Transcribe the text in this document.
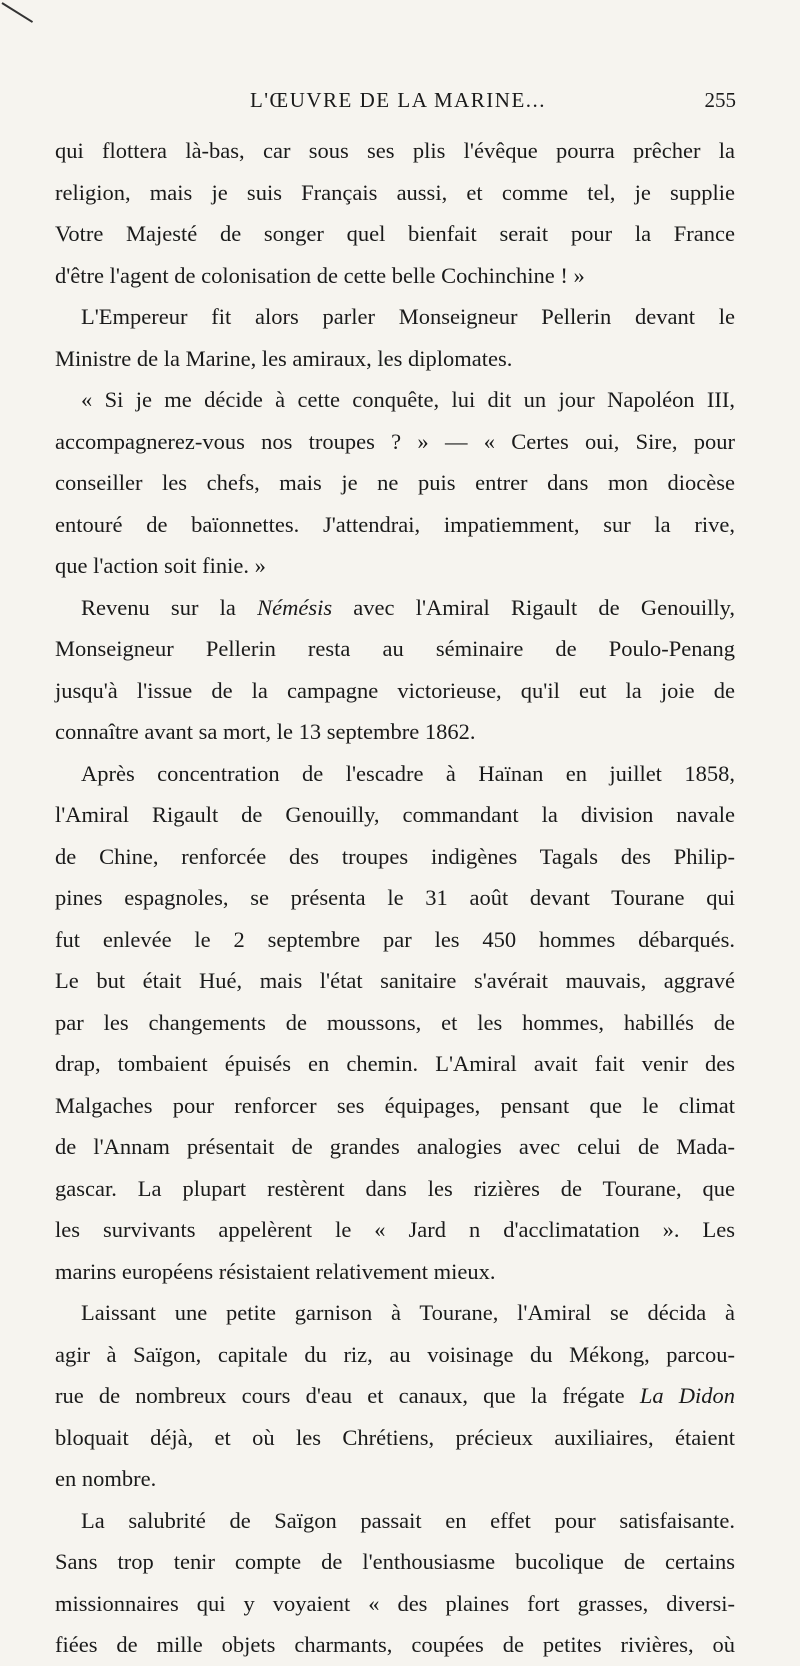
L'ŒUVRE DE LA MARINE...	255
qui flottera là-bas, car sous ses plis l'évêque pourra prêcher la
religion, mais je suis Français aussi, et comme tel, je supplie
Votre Majesté de songer quel bienfait serait pour la France
d'être l'agent de colonisation de cette belle Cochinchine ! »
L'Empereur fit alors parler Monseigneur Pellerin devant le
Ministre de la Marine, les amiraux, les diplomates.
« Si je me décide à cette conquête, lui dit un jour Napoléon III,
accompagnerez-vous nos troupes ? » — « Certes oui, Sire, pour
conseiller les chefs, mais je ne puis entrer dans mon diocèse
entouré de baïonnettes. J'attendrai, impatiemment, sur la rive,
que l'action soit finie. »
Revenu sur la Némésis avec l'Amiral Rigault de Genouilly,
Monseigneur Pellerin resta au séminaire de Poulo-Penang
jusqu'à l'issue de la campagne victorieuse, qu'il eut la joie de
connaître avant sa mort, le 13 septembre 1862.
Après concentration de l'escadre à Haïnan en juillet 1858,
l'Amiral Rigault de Genouilly, commandant la division navale
de Chine, renforcée des troupes indigènes Tagals des Philip-
pines espagnoles, se présenta le 31 août devant Tourane qui
fut enlevée le 2 septembre par les 450 hommes débarqués.
Le but était Hué, mais l'état sanitaire s'avérait mauvais, aggravé
par les changements de moussons, et les hommes, habillés de
drap, tombaient épuisés en chemin. L'Amiral avait fait venir des
Malgaches pour renforcer ses équipages, pensant que le climat
de l'Annam présentait de grandes analogies avec celui de Mada-
gascar. La plupart restèrent dans les rizières de Tourane, que
les survivants appelèrent le « Jard n d'acclimatation ». Les
marins européens résistaient relativement mieux.
Laissant une petite garnison à Tourane, l'Amiral se décida à
agir à Saïgon, capitale du riz, au voisinage du Mékong, parcou-
rue de nombreux cours d'eau et canaux, que la frégate La Didon
bloquait déjà, et où les Chrétiens, précieux auxiliaires, étaient
en nombre.
La salubrité de Saïgon passait en effet pour satisfaisante.
Sans trop tenir compte de l'enthousiasme bucolique de certains
missionnaires qui y voyaient « des plaines fort grasses, diversi-
fiées de mille objets charmants, coupées de petites rivières, où
